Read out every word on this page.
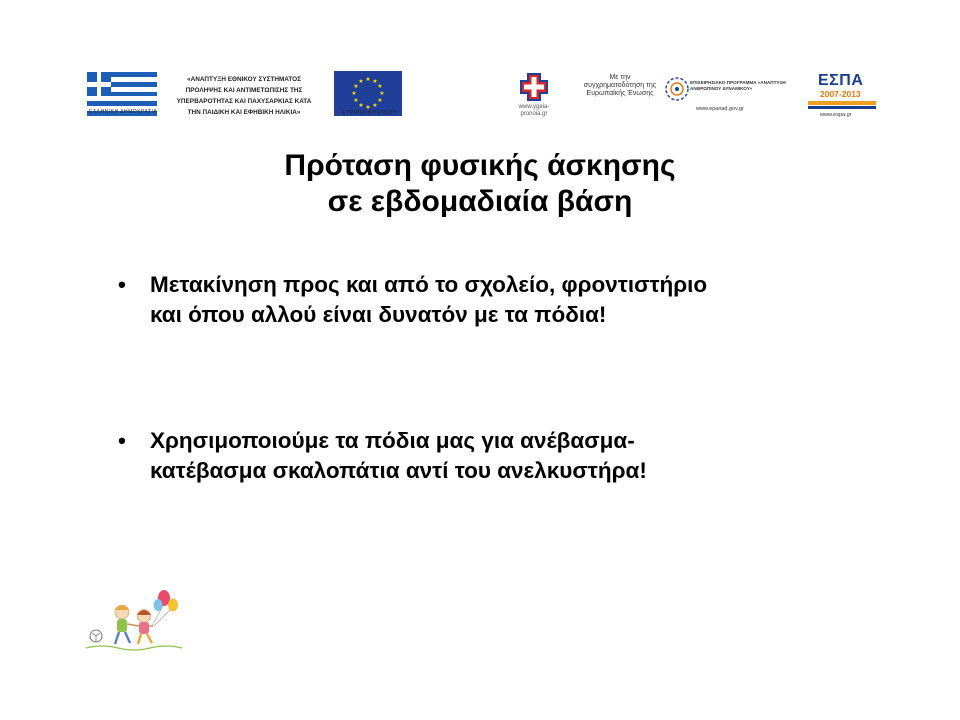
ΕΛΛΗΝΙΚΗ ΔΗΜΟΚΡΑΤΙΑ
«ΑΝΑΠΤΥΞΗ ΕΘΝΙΚΟΥ ΣΥΣΤΗΜΑΤΟΣ
ΠΡΟΛΗΨΗΣ ΚΑΙ ΑΝΤΙΜΕΤΩΠΙΣΗΣ ΤΗΣ
ΥΠΕΡΒΑΡΟΤΗΤΑΣ ΚΑΙ ΠΑΧΥΣΑΡΚΙΑΣ ΚΑΤΑ
ΤΗΝ ΠΑΙΔΙΚΗ ΚΑΙ ΕΦΗΒΙΚΗ ΗΛΙΚΙΑ»
★ ★
★
★
★
★
★
★
★
★
★
★
ΕΥΡΩΠΑΪΚΗ ΕΝΩΣΗ
www.ygeia-pronoia.gr
Με την συγχρηματοδότηση της Ευρωπαϊκής Ένωσης
ΕΠΙΧΕΙΡΗΣΙΑΚΟ ΠΡΟΓΡΑΜΜΑ «ΑΝΑΠΤΥΞΗ ΑΝΘΡΩΠΙΝΟΥ ΔΥΝΑΜΙΚΟΥ»
www.epanad.gov.gr
ΕΣΠΑ
2007-2013
www.espa.gr
Πρόταση φυσικής άσκησης
σε εβδομαδιαία βάση
• Μετακίνηση προς και από το σχολείο, φροντιστήριο
και όπου αλλού είναι δυνατόν με τα πόδια!
• Χρησιμοποιούμε τα πόδια μας για ανέβασμα-
κατέβασμα σκαλοπάτια αντί του ανελκυστήρα!
